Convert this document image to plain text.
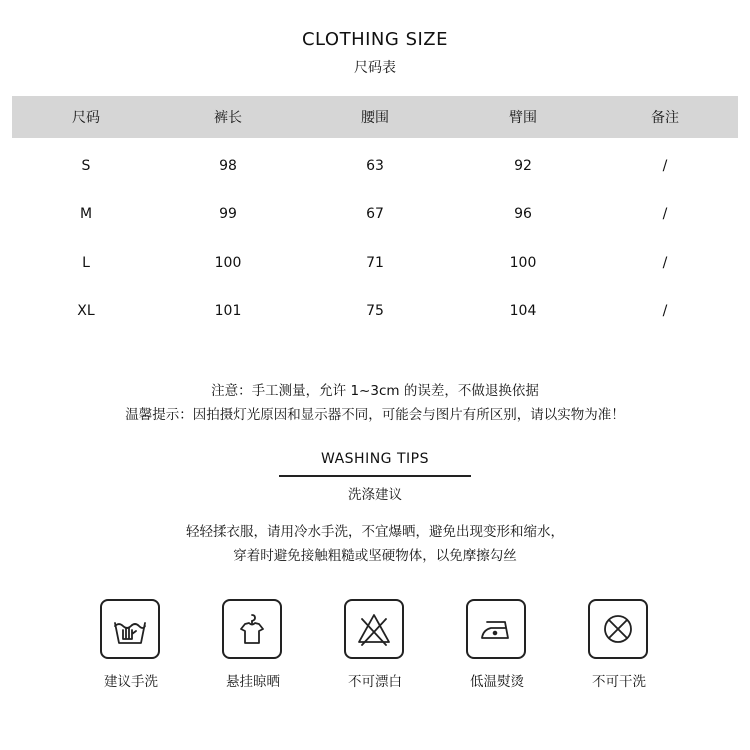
CLOTHING SIZE
尺码表
尺码	裤长	腰围	臂围	备注
S	98	63	92	/
M	99	67	96	/
L	100	71	100	/
XL	101	75	104	/
注意：手工测量，允许 1~3cm 的误差，不做退换依据
温馨提示：因拍摄灯光原因和显示器不同，可能会与图片有所区别，请以实物为准！
WASHING TIPS
洗涤建议
轻轻揉衣服，请用冷水手洗，不宜爆晒，避免出现变形和缩水，
穿着时避免接触粗糙或坚硬物体，以免摩擦勾丝
建议手洗	悬挂晾晒	不可漂白	低温熨烫	不可干洗
